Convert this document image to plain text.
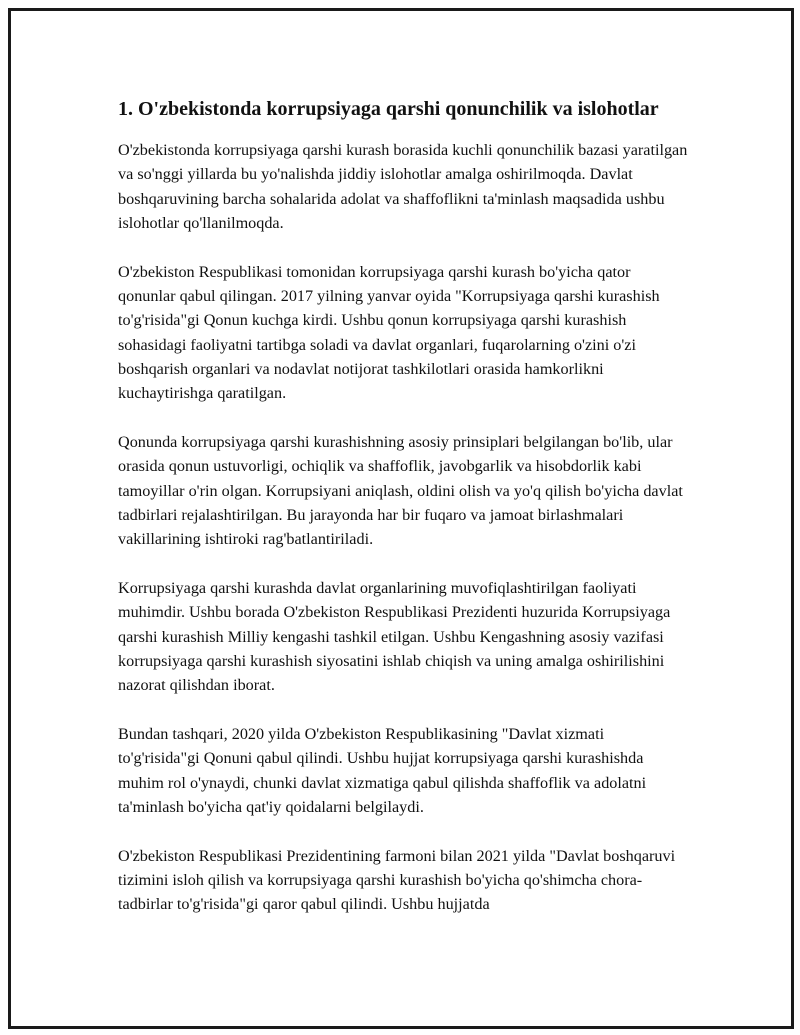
1. O'zbekistonda korrupsiyaga qarshi qonunchilik va islohotlar

O'zbekistonda korrupsiyaga qarshi kurash borasida kuchli qonunchilik bazasi yaratilgan va so'nggi yillarda bu yo'nalishda jiddiy islohotlar amalga oshirilmoqda. Davlat boshqaruvining barcha sohalarida adolat va shaffoflikni ta'minlash maqsadida ushbu islohotlar qo'llanilmoqda.

O'zbekiston Respublikasi tomonidan korrupsiyaga qarshi kurash bo'yicha qator qonunlar qabul qilingan. 2017 yilning yanvar oyida "Korrupsiyaga qarshi kurashish to'g'risida"gi Qonun kuchga kirdi. Ushbu qonun korrupsiyaga qarshi kurashish sohasidagi faoliyatni tartibga soladi va davlat organlari, fuqarolarning o'zini o'zi boshqarish organlari va nodavlat notijorat tashkilotlari orasida hamkorlikni kuchaytirishga qaratilgan.

Qonunda korrupsiyaga qarshi kurashishning asosiy prinsiplari belgilangan bo'lib, ular orasida qonun ustuvorligi, ochiqlik va shaffoflik, javobgarlik va hisobdorlik kabi tamoyillar o'rin olgan. Korrupsiyani aniqlash, oldini olish va yo'q qilish bo'yicha davlat tadbirlari rejalashtirilgan. Bu jarayonda har bir fuqaro va jamoat birlashmalari vakillarining ishtiroki rag'batlantiriladi.

Korrupsiyaga qarshi kurashda davlat organlarining muvofiqlashtirilgan faoliyati muhimdir. Ushbu borada O'zbekiston Respublikasi Prezidenti huzurida Korrupsiyaga qarshi kurashish Milliy kengashi tashkil etilgan. Ushbu Kengashning asosiy vazifasi korrupsiyaga qarshi kurashish siyosatini ishlab chiqish va uning amalga oshirilishini nazorat qilishdan iborat.

Bundan tashqari, 2020 yilda O'zbekiston Respublikasining "Davlat xizmati to'g'risida"gi Qonuni qabul qilindi. Ushbu hujjat korrupsiyaga qarshi kurashishda muhim rol o'ynaydi, chunki davlat xizmatiga qabul qilishda shaffoflik va adolatni ta'minlash bo'yicha qat'iy qoidalarni belgilaydi.

O'zbekiston Respublikasi Prezidentining farmoni bilan 2021 yilda "Davlat boshqaruvi tizimini isloh qilish va korrupsiyaga qarshi kurashish bo'yicha qo'shimcha chora-tadbirlar to'g'risida"gi qaror qabul qilindi. Ushbu hujjatda
